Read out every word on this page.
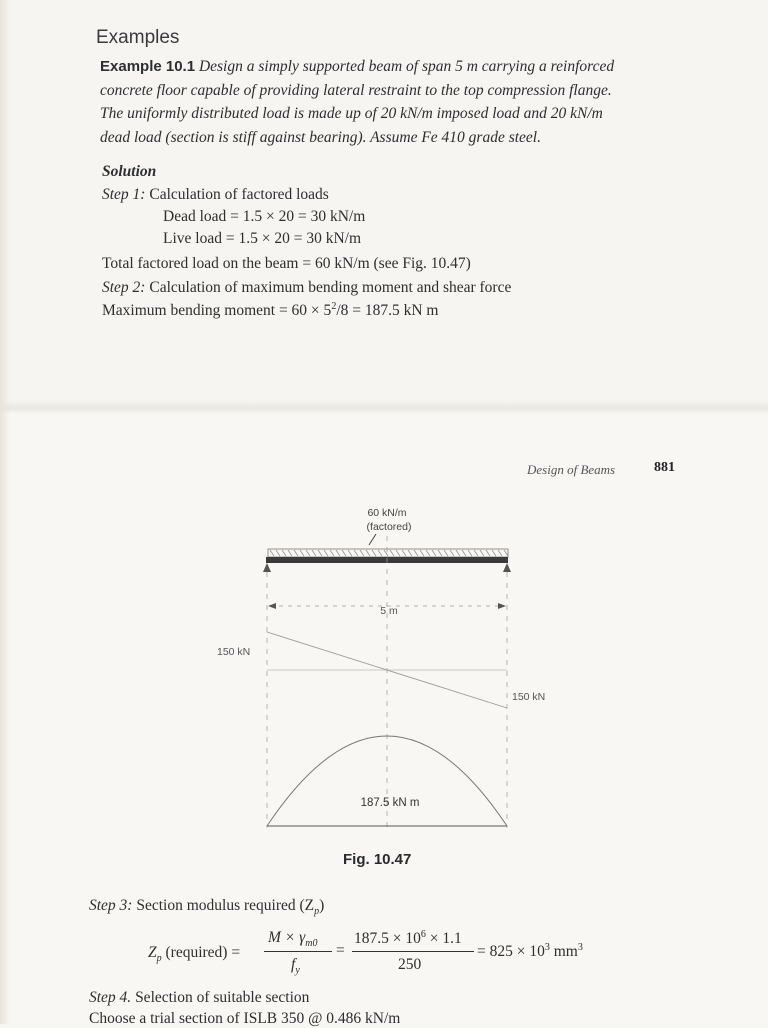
Examples
Example 10.1 Design a simply supported beam of span 5 m carrying a reinforced
concrete floor capable of providing lateral restraint to the top compression flange.
The uniformly distributed load is made up of 20 kN/m imposed load and 20 kN/m
dead load (section is stiff against bearing). Assume Fe 410 grade steel.
Solution
Step 1: Calculation of factored loads
Dead load = 1.5 × 20 = 30 kN/m
Live load = 1.5 × 20 = 30 kN/m
Total factored load on the beam = 60 kN/m (see Fig. 10.47)
Step 2: Calculation of maximum bending moment and shear force
Maximum bending moment = $60 \times 5^2/8 = 187.5$ kN m
Design of Beams	881
60 kN/m
(factored)
5 m
150 kN
150 kN
187.5 kN m
Fig. 10.47
Step 3: Section modulus required $(Z_p)$
$Z_p$ (required) =
$M \times \gamma_{m0}$
$f_y$
=
$187.5 \times 10^6 \times 1.1$
250
= $825 \times 10^3$ $mm^3$
Step 4. Selection of suitable section
Choose a trial section of ISLB 350 @ 0.486 kN/m
